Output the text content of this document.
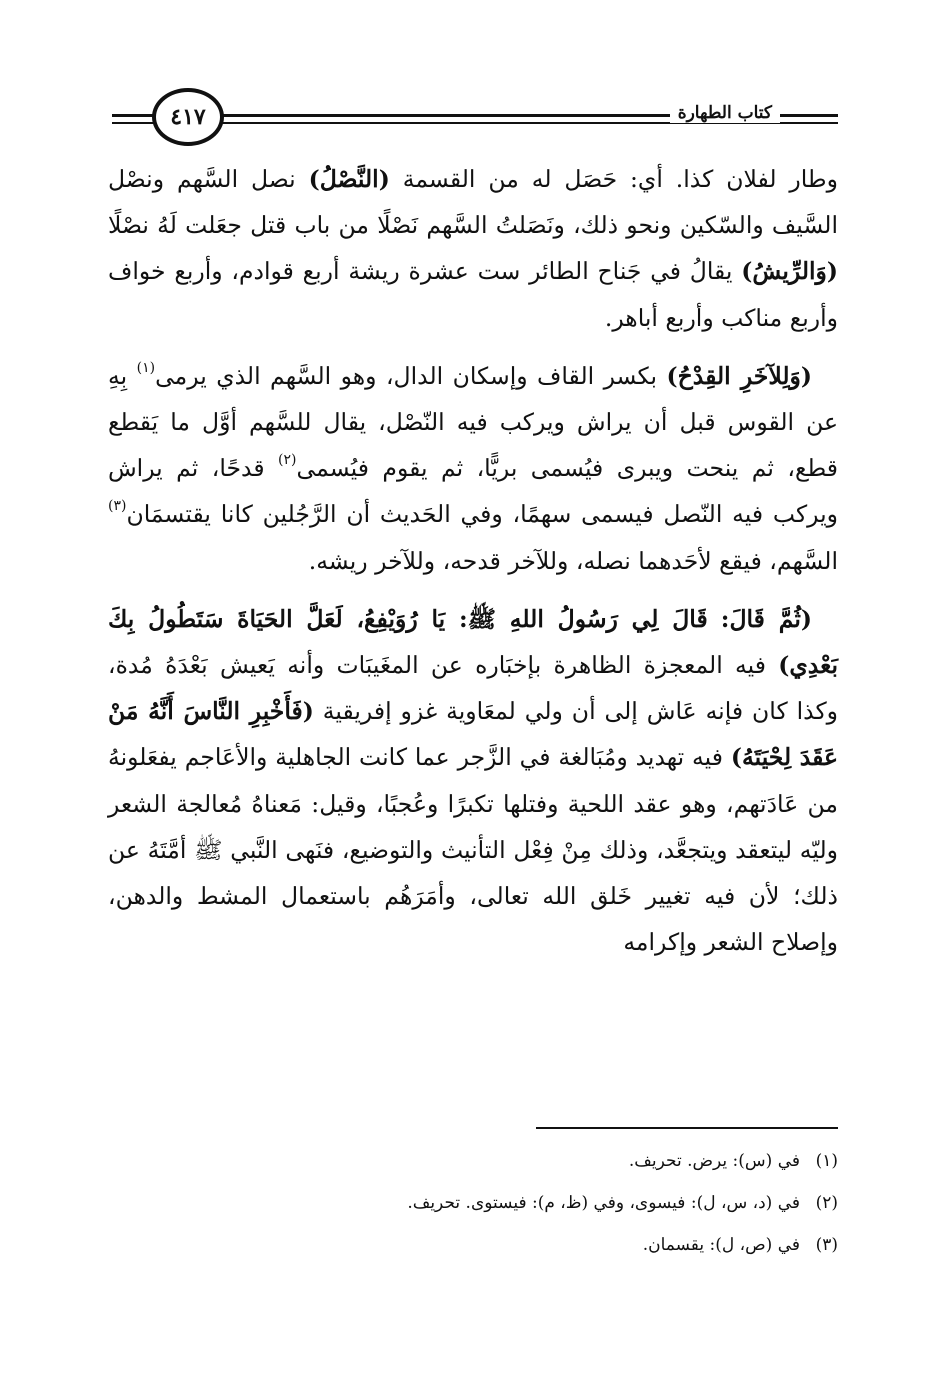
كتاب الطهارة
٤١٧

وطار لفلان كذا. أي: حَصَل له من القسمة (النَّصْلُ) نصل السَّهم ونصْل السَّيف والسّكين ونحو ذلك، ونَصَلتُ السَّهم نَصْلًا من باب قتل جعَلت لَهُ نصْلًا (وَالرِّيشُ) يقالُ في جَناح الطائر ست عشرة ريشة أربع قوادم، وأربع خواف وأربع مناكب وأربع أباهر.

(وَلِلآخَرِ القِدْحُ) بكسر القاف وإسكان الدال، وهو السَّهم الذي يرمى$^{(١)}$ بِهِ عن القوس قبل أن يراش ويركب فيه النّصْل، يقال للسَّهم أوَّل ما يَقطع قطع، ثم ينحت ويبرى فيُسمى بريًّا، ثم يقوم فيُسمى$^{(٢)}$ قدحًا، ثم يراش ويركب فيه النّصل فيسمى سهمًا، وفي الحَديث أن الرَّجُلين كانا يقتسمَان$^{(٣)}$ السَّهم، فيقع لأحَدهما نصله، وللآخر قدحه، وللآخر ريشه.

(ثُمَّ قَالَ: قَالَ لِي رَسُولُ اللهِ ﷺ: يَا رُوَيْفِعُ، لَعَلَّ الحَيَاةَ سَتَطُولُ بِكَ بَعْدِي) فيه المعجزة الظاهرة بإخبَاره عن المغَيبَات وأنه يَعيش بَعْدَهُ مُدة، وكذا كان فإنه عَاش إلى أن ولي لمعَاوية غزو إفريقية (فَأَخْبِرِ النَّاسَ أَنَّهُ مَنْ عَقَدَ لِحْيَتَهُ) فيه تهديد ومُبَالغة في الزَّجر عما كانت الجاهلية والأعَاجم يفعَلونهُ من عَادَتهم، وهو عقد اللحية وفتلها تكبرًا وعُجبًا، وقيل: مَعناهُ مُعالجة الشعر وليّه ليتعقد ويتجعَّد، وذلك مِنْ فِعْل التأنيث والتوضيع، فنَهى النَّبي ﷺ أمَّتَهُ عن ذلك؛ لأن فيه تغيير خَلق الله تعالى، وأمَرَهُم باستعمال المشط والدهن، وإصلاح الشعر وإكرامه

(١)في (س): يرض. تحريف.

(٢)في (د، س، ل): فيسوى، وفي (ظ، م): فيستوى. تحريف.

(٣)في (ص، ل): يقسمان.
